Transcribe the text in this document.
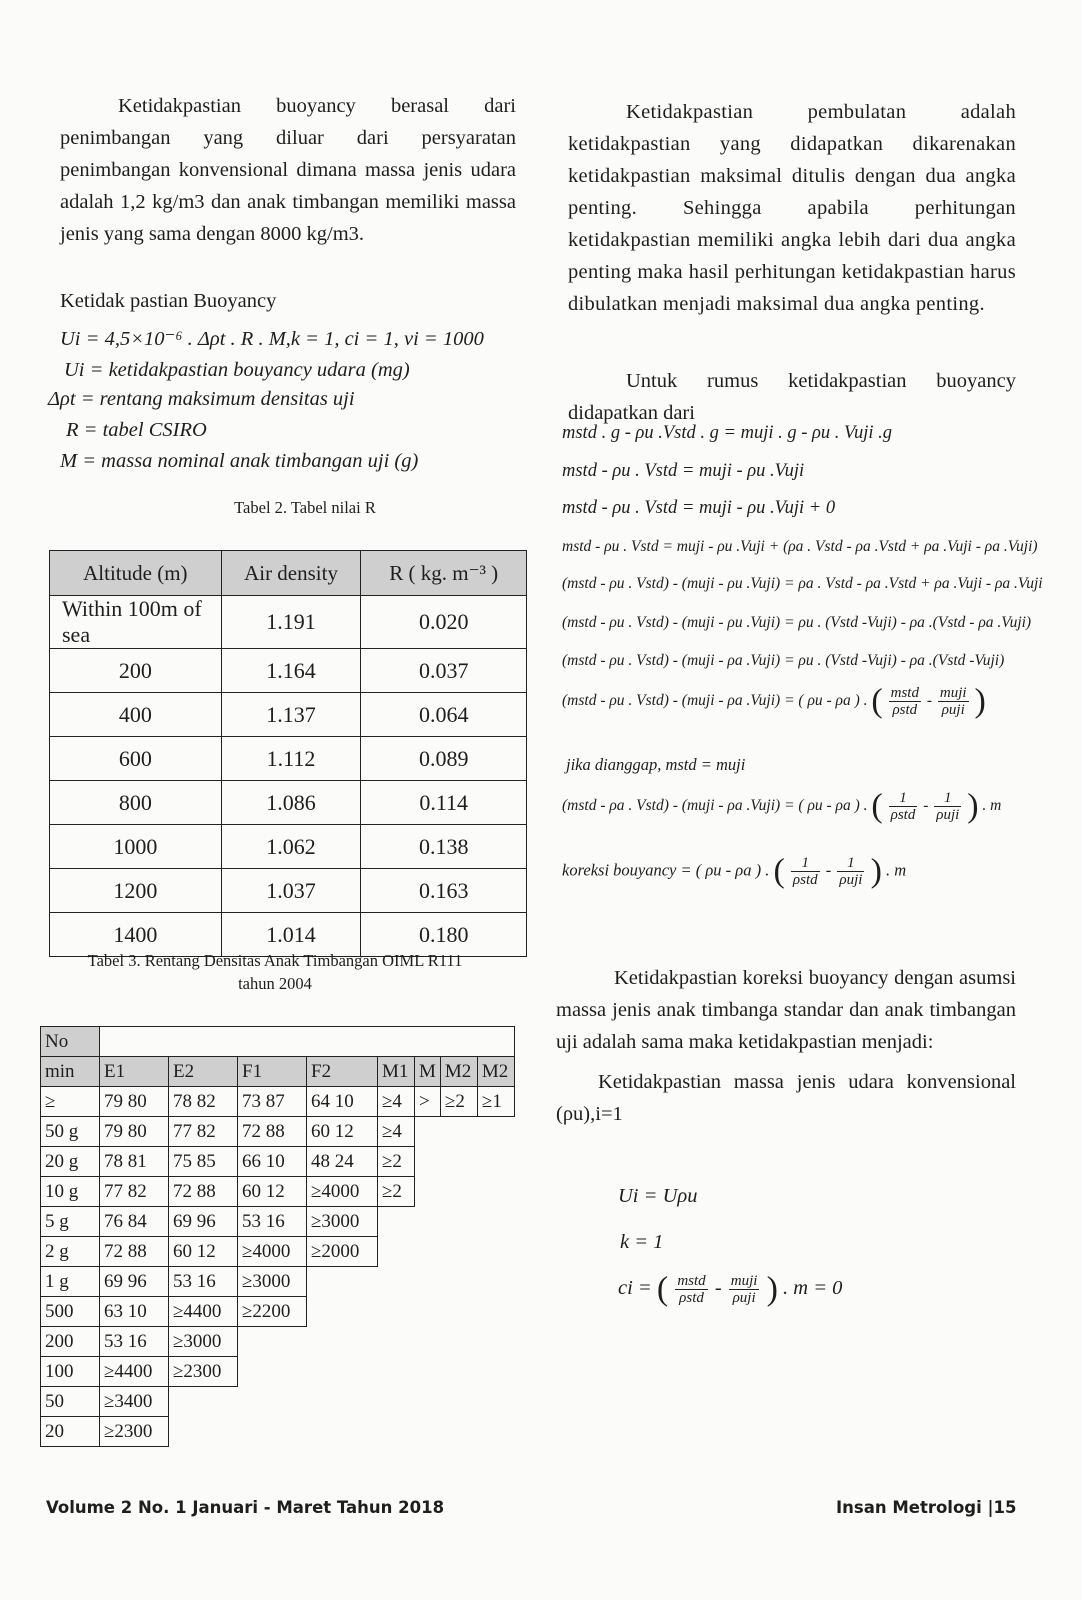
Ketidakpastian buoyancy berasal dari penimbangan yang diluar dari persyaratan penimbangan konvensional dimana massa jenis udara adalah 1,2 kg/m3 dan anak timbangan memiliki massa jenis yang sama dengan 8000 kg/m3.

Ketidak pastian Buoyancy

Ui = 4,5×10⁻⁶ . Δρt . R . M,k = 1, ci = 1, vi = 1000

Ui = ketidakpastian bouyancy udara (mg)

Δρt = rentang maksimum densitas uji

R = tabel CSIRO

M = massa nominal anak timbangan uji (g)

Tabel 2. Tabel nilai R
Altitude (m)	Air density	R ( kg. m⁻³ )
Within 100m of sea	1.191	0.020
200	1.164	0.037
400	1.137	0.064
600	1.112	0.089
800	1.086	0.114
1000	1.062	0.138
1200	1.037	0.163
1400	1.014	0.180
Tabel 3. Rentang Densitas Anak Timbangan OIML R111
tahun 2004
No								
min	E1	E2	F1	F2	M1	M	M2	M2
≥	79 80	78 82	73 87	64 10	≥4	>	≥2	≥1
50 g	79 80	77 82	72 88	60 12	≥4			
20 g	78 81	75 85	66 10	48 24	≥2			
10 g	77 82	72 88	60 12	≥4000	≥2			
5 g	76 84	69 96	53 16	≥3000				
2 g	72 88	60 12	≥4000	≥2000				
1 g	69 96	53 16	≥3000					
500	63 10	≥4400	≥2200					
200	53 16	≥3000						
100	≥4400	≥2300						
50	≥3400							
20	≥2300							

Ketidakpastian pembulatan adalah ketidakpastian yang didapatkan dikarenakan ketidakpastian maksimal ditulis dengan dua angka penting. Sehingga apabila perhitungan ketidakpastian memiliki angka lebih dari dua angka penting maka hasil perhitungan ketidakpastian harus dibulatkan menjadi maksimal dua angka penting.

Untuk rumus ketidakpastian buoyancy didapatkan dari

mstd . g - ρu .Vstd . g = muji . g - ρu . Vuji .g

mstd - ρu . Vstd = muji - ρu .Vuji

mstd - ρu . Vstd = muji - ρu .Vuji + 0

mstd - ρu . Vstd = muji - ρu .Vuji + (ρa . Vstd - ρa .Vstd + ρa .Vuji - ρa .Vuji)

(mstd - ρu . Vstd) - (muji - ρu .Vuji) = ρa . Vstd - ρa .Vstd + ρa .Vuji - ρa .Vuji

(mstd - ρu . Vstd) - (muji - ρu .Vuji) = ρu . (Vstd -Vuji) - ρa .(Vstd - ρa .Vuji)

(mstd - ρu . Vstd) - (muji - ρa .Vuji) = ρu . (Vstd -Vuji) - ρa .(Vstd -Vuji)

(mstd - ρu . Vstd) - (muji - ρa .Vuji) = ( ρu - ρa ) . ( $\frac{\text{mstd}}{\text{ρstd}} - \frac{\text{muji}}{\text{ρuji}}$ )

jika dianggap, mstd = muji

(mstd - ρa . Vstd) - (muji - ρa .Vuji) = ( ρu - ρa ) . ( $\frac{1}{\text{ρstd}} - \frac{1}{\text{ρuji}}$ ) . m
koreksi bouyancy = ( ρu - ρa ) . ( $\frac{1}{\text{ρstd}} - \frac{1}{\text{ρuji}}$ ) . m

Ketidakpastian koreksi buoyancy dengan asumsi massa jenis anak timbanga standar dan anak timbangan uji adalah sama maka ketidakpastian menjadi:

Ketidakpastian massa jenis udara konvensional (ρu),i=1

Ui = Uρu

k = 1

ci = ( $\frac{\text{mstd}}{\text{ρstd}} - \frac{\text{muji}}{\text{ρuji}}$ ) . m = 0
Volume 2 No. 1 Januari - Maret Tahun 2018	Insan Metrologi |15
